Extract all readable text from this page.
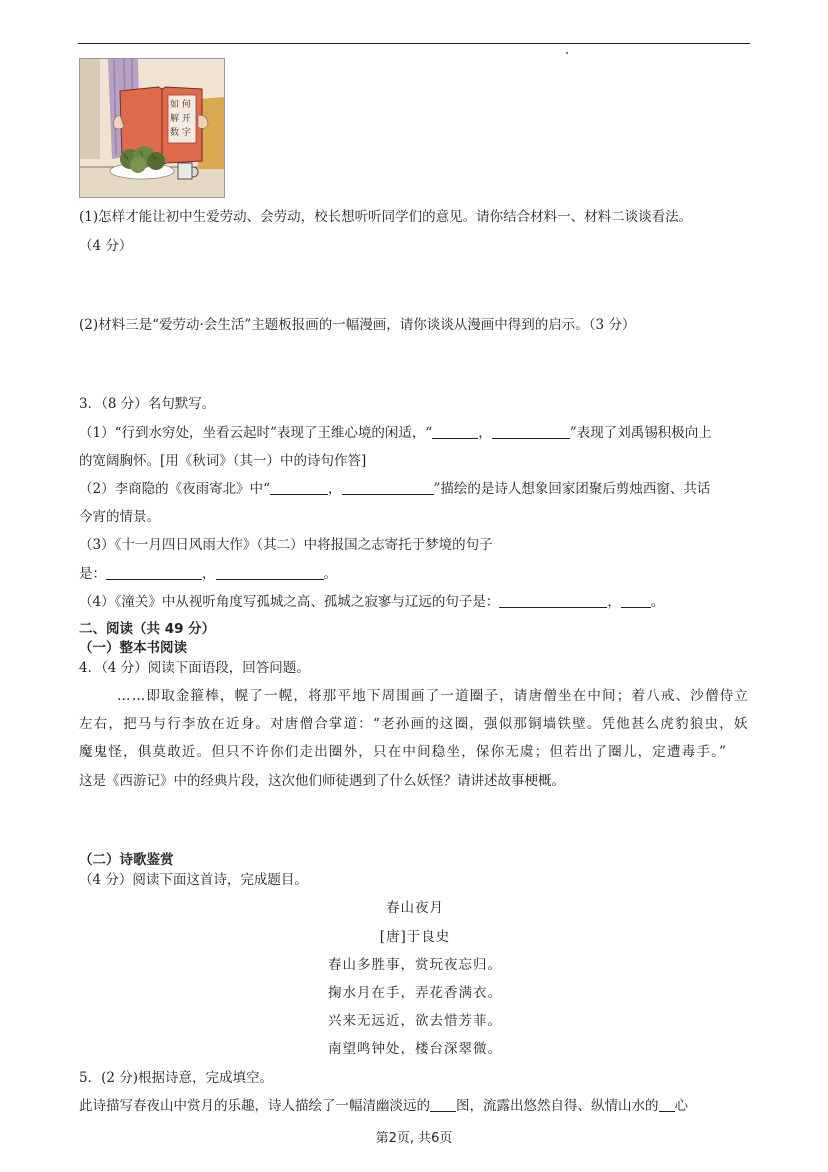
如 何
解 开
数 字
(1)怎样才能让初中生爱劳动、会劳动，校长想听听同学们的意见。请你结合材料一、材料二谈谈看法。
（4 分）
(2)材料三是“爱劳动·会生活”主题板报画的一幅漫画，请你谈谈从漫画中得到的启示。（3 分）
3．（8 分）名句默写。
（1）“行到水穷处，坐看云起时”表现了王维心境的闲适，“	，	”表现了刘禹锡积极向上
的宽阔胸怀。[用《秋词》（其一）中的诗句作答]
（2）李商隐的《夜雨寄北》中“	，	”描绘的是诗人想象回家团聚后剪烛西窗、共话
今宵的情景。
（3）《十一月四日风雨大作》（其二）中将报国之志寄托于梦境的句子
是：	，	。
（4）《潼关》中从视听角度写孤城之高、孤城之寂寥与辽远的句子是：	， 。
二、阅读（共 49 分）
（一）整本书阅读
4．（4 分）阅读下面语段，回答问题。
……即取金箍棒，幌了一幌，将那平地下周围画了一道圈子，请唐僧坐在中间；着八戒、沙僧侍立
左右，把马与行李放在近身。对唐僧合掌道：“老孙画的这圈，强似那铜墙铁壁。凭他甚么虎豹狼虫，妖
魔鬼怪，俱莫敢近。但只不许你们走出圈外，只在中间稳坐，保你无虞；但若出了圈儿，定遭毒手。”
这是《西游记》中的经典片段，这次他们师徒遇到了什么妖怪？请讲述故事梗概。
（二）诗歌鉴赏
（4 分）阅读下面这首诗，完成题目。
春山夜月
[唐]于良史
春山多胜事，赏玩夜忘归。
掬水月在手，弄花香满衣。
兴来无远近，欲去惜芳菲。
南望鸣钟处，楼台深翠微。
5．(2 分)根据诗意，完成填空。
此诗描写春夜山中赏月的乐趣，诗人描绘了一幅清幽淡远的 图，流露出悠然自得、纵情山水的 心
第2页, 共6页
